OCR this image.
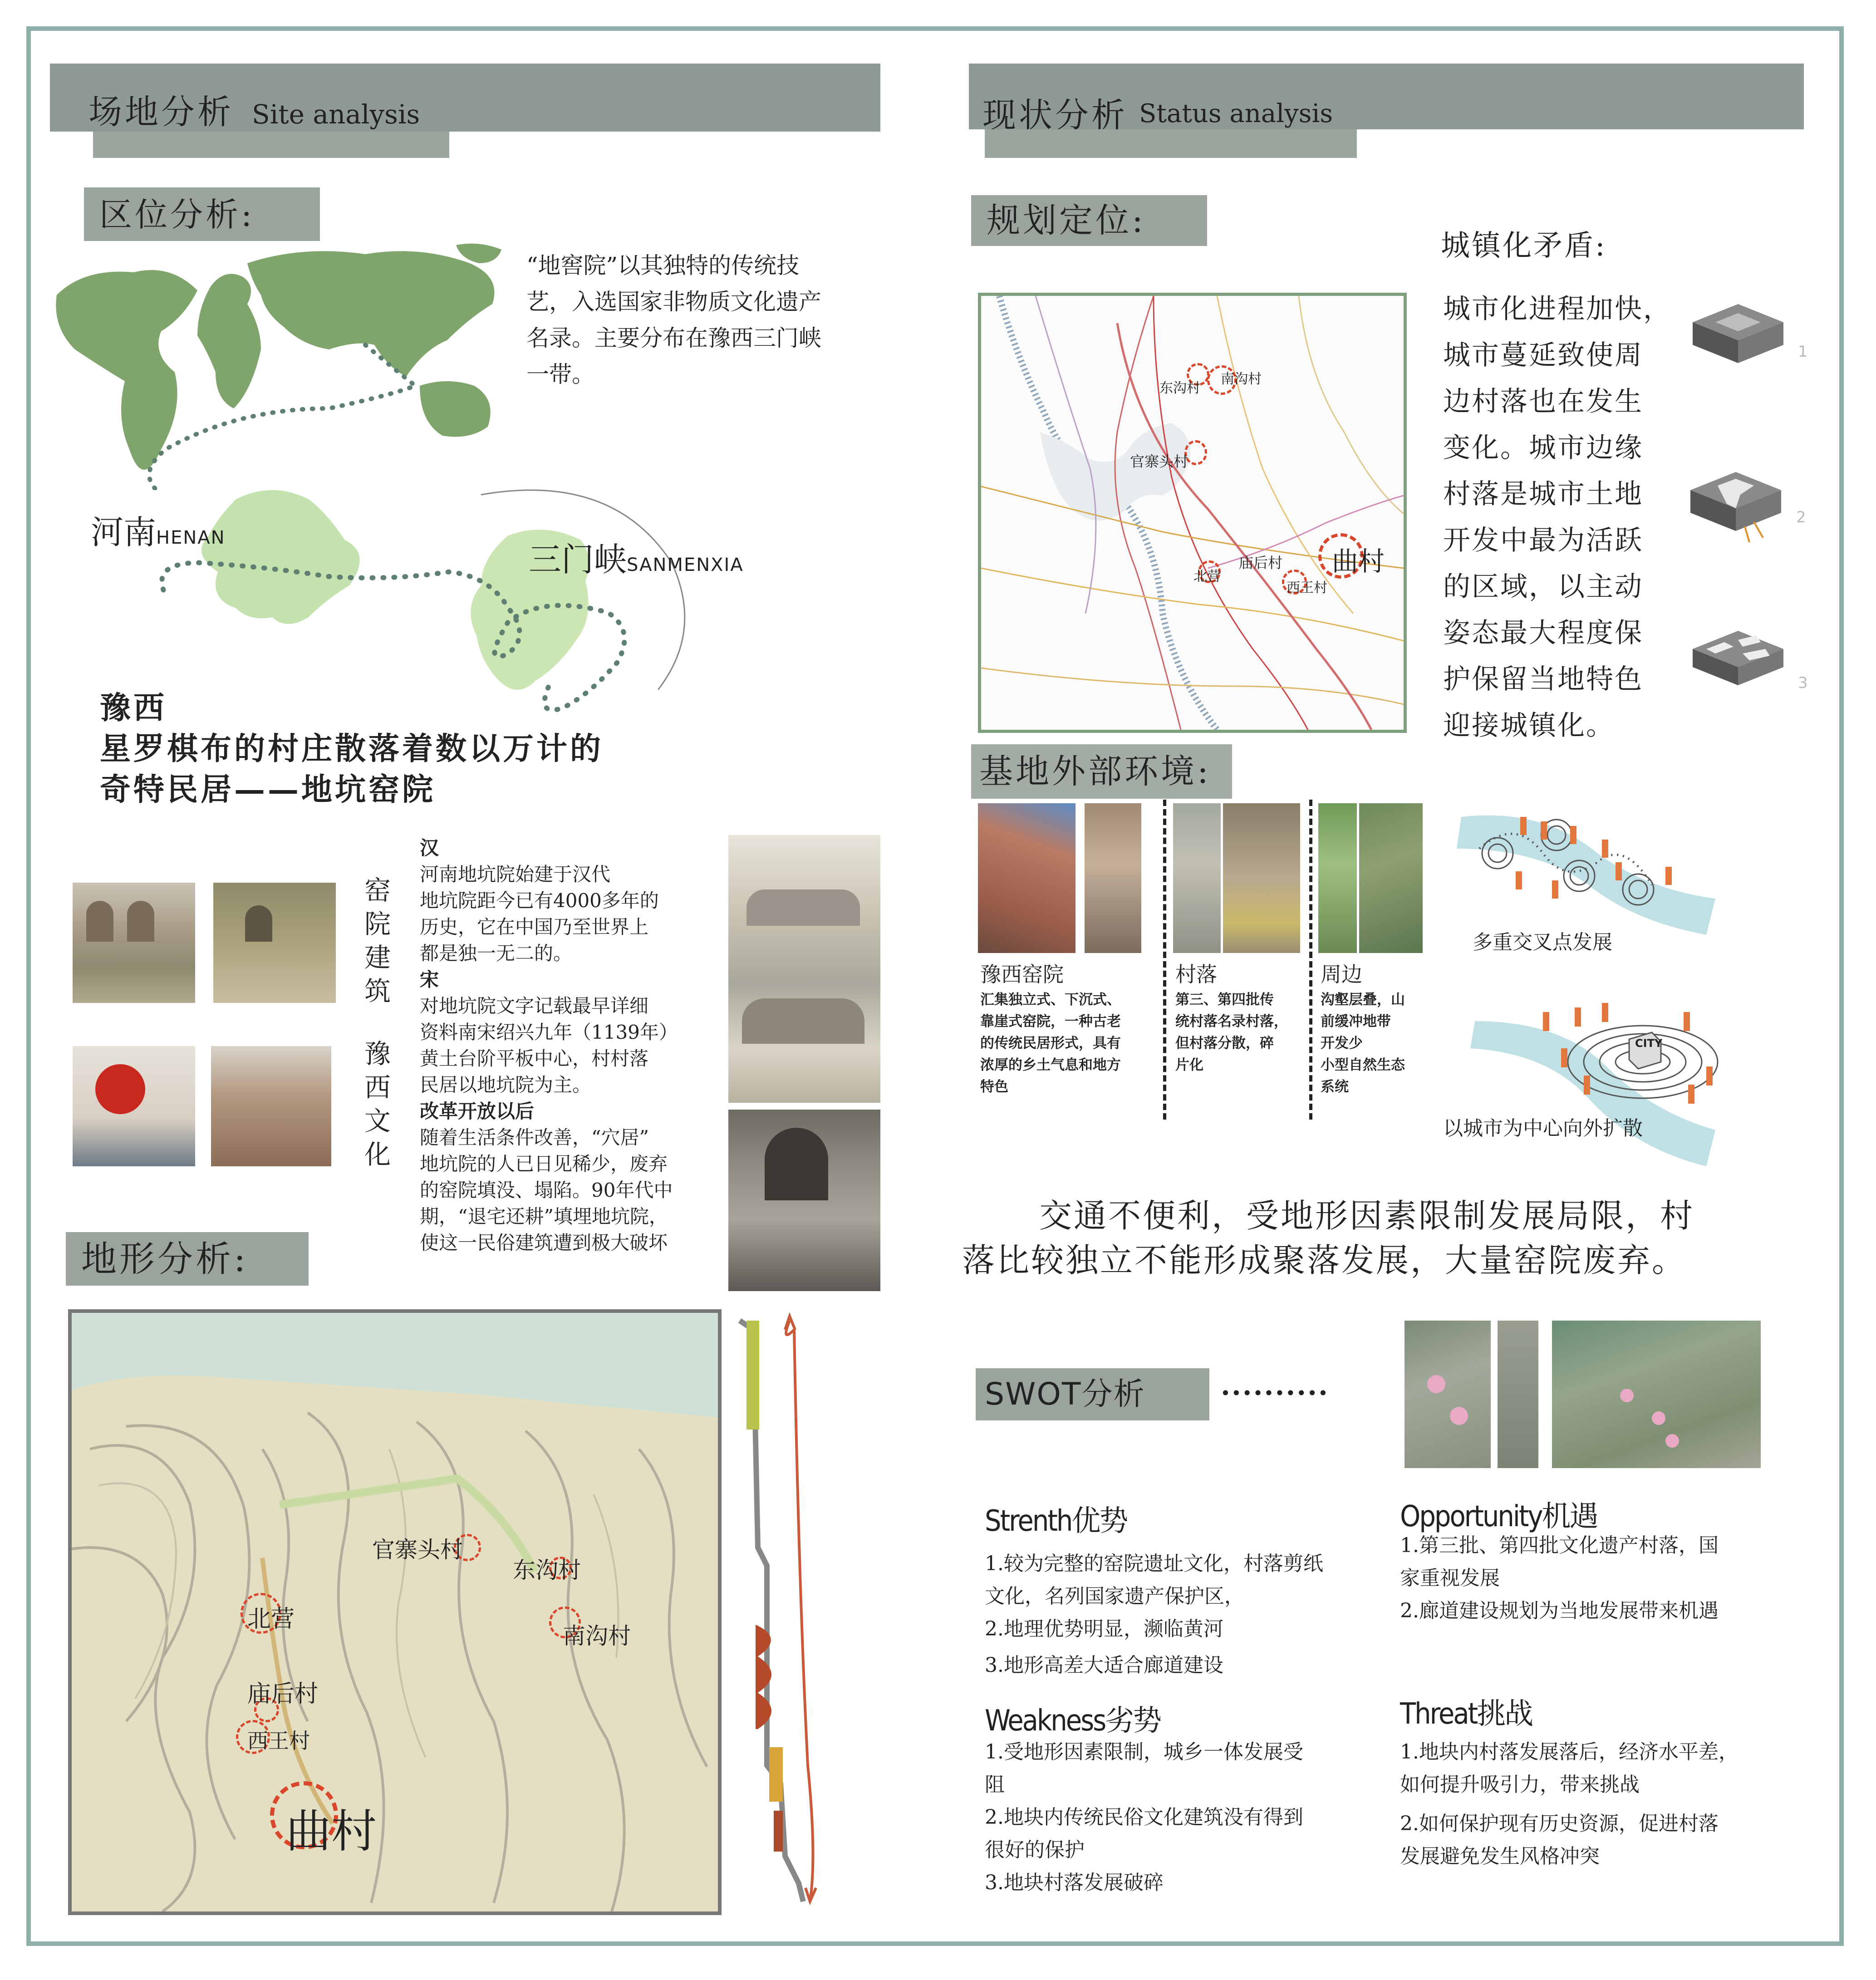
场地分析 Site analysis
区位分析:
“地窖院”以其独特的传统技
艺，入选国家非物质文化遗产
名录。主要分布在豫西三门峡
一带。
河南HENAN
三门峡SANMENXIA
豫西
星罗棋布的村庄散落着数以万计的
奇特民居——地坑窑院
窑
院
建
筑
豫
西
文
化
汉
河南地坑院始建于汉代
地坑院距今已有4000多年的
历史，它在中国乃至世界上
都是独一无二的。
宋
对地坑院文字记载最早详细
资料南宋绍兴九年（1139年）
黄土台阶平板中心，村村落
民居以地坑院为主。
改革开放以后
随着生活条件改善，“穴居”
地坑院的人已日见稀少，废弃
的窑院填没、塌陷。90年代中
期，“退宅还耕”填埋地坑院，
使这一民俗建筑遭到极大破坏
地形分析:
官寨头村
东沟村
北营
南沟村
庙后村
西王村
曲村
现状分析 Status analysis
规划定位:
东沟村
南沟村
官寨头村
庙后村
北营
西王村
曲村
城镇化矛盾:
城市化进程加快，
城市蔓延致使周
边村落也在发生
变化。城市边缘
村落是城市土地
开发中最为活跃
的区域，以主动
姿态最大程度保
护保留当地特色
迎接城镇化。
1
2
3
基地外部环境:
豫西窑院
汇集独立式、下沉式、
靠崖式窑院，一种古老
的传统民居形式，具有
浓厚的乡土气息和地方
特色
村落
第三、第四批传
统村落名录村落，
但村落分散，碎
片化
周边
沟壑层叠，山
前缓冲地带
开发少
小型自然生态
系统
多重交叉点发展
CITY
以城市为中心向外扩散
交通不便利，受地形因素限制发展局限，村
落比较独立不能形成聚落发展，大量窑院废弃。
SWOT分析	··········
Strenth优势
1.较为完整的窑院遗址文化，村落剪纸
文化，名列国家遗产保护区，
2.地理优势明显，濒临黄河
3.地形高差大适合廊道建设
Opportunity机遇
1.第三批、第四批文化遗产村落，国
家重视发展
2.廊道建设规划为当地发展带来机遇
Weakness劣势
1.受地形因素限制，城乡一体发展受
阻
2.地块内传统民俗文化建筑没有得到
很好的保护
3.地块村落发展破碎
Threat挑战
1.地块内村落发展落后，经济水平差，
如何提升吸引力，带来挑战
2.如何保护现有历史资源，促进村落
发展避免发生风格冲突
